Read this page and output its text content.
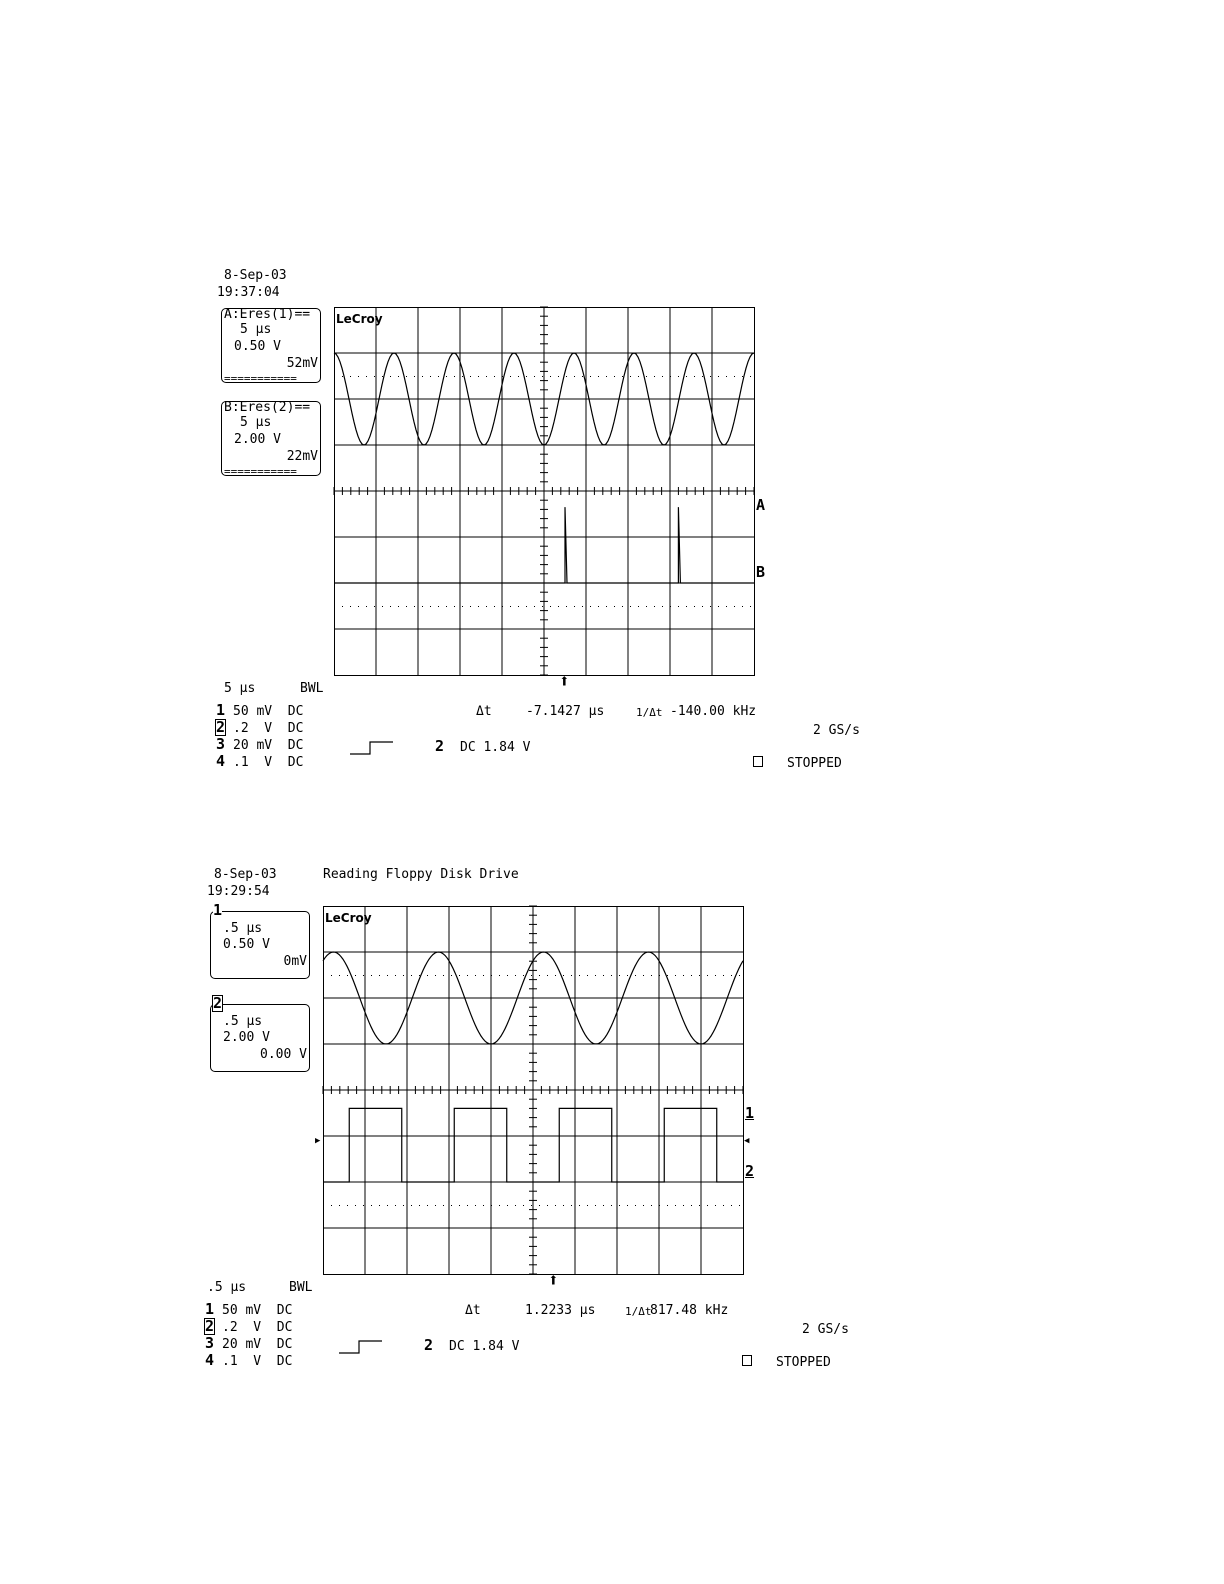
8-Sep-03
19:37:04
A:Eres(1)==
5 µs
0.50 V
52mV
===========
B:Eres(2)==
5 µs
2.00 V
22mV
===========
LeCroy
A
B
⬆
5 µs	BWL
1 50 mV  DC
2 .2  V  DC
3 20 mV  DC
4 .1  V  DC
2 DC 1.84 V
Δt	-7.1427 µs	1/Δt -140.00 kHz
2 GS/s
STOPPED
8-Sep-03	Reading Floppy Disk Drive
19:29:54
1
.5 µs
0.50 V
0mV
2
.5 µs
2.00 V
0.00 V
LeCroy
▶	◀
1
2
⬆
.5 µs	BWL
1 50 mV  DC
2 .2  V  DC
3 20 mV  DC
4 .1  V  DC
2 DC 1.84 V
Δt	1.2233 µs	1/Δt
817.48 kHz
2 GS/s
STOPPED
